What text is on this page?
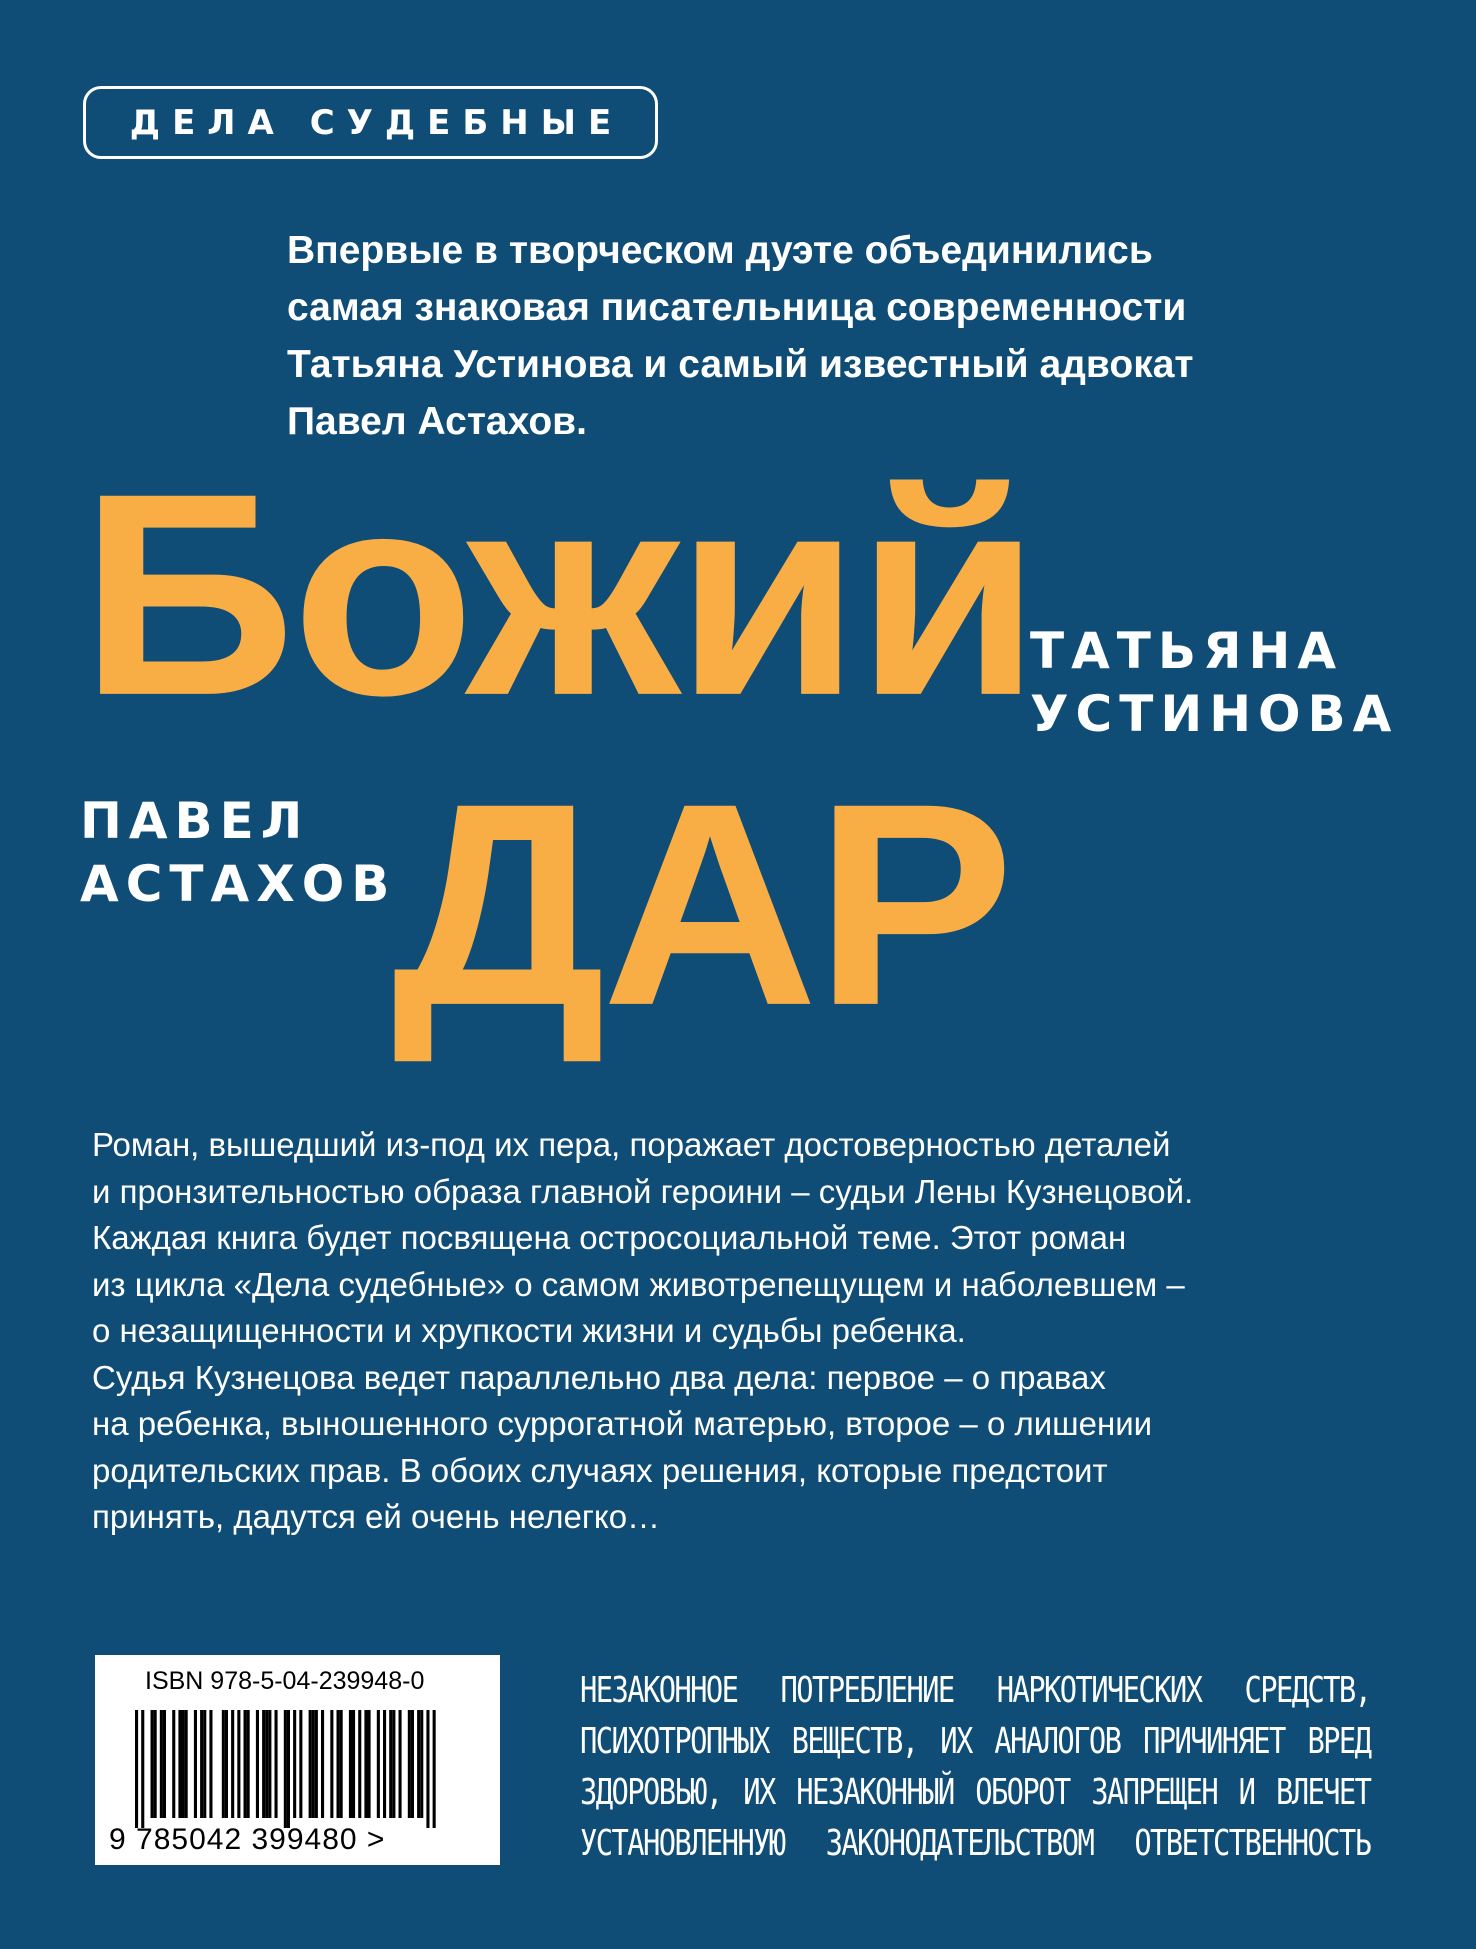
ДЕЛА СУДЕБНЫЕ
Впервые в творческом дуэте объединились
самая знаковая писательница современности
Татьяна Устинова и самый известный адвокат
Павел Астахов.
Божий
ДАР
ТАТЬЯНА
УСТИНОВА
ПАВЕЛ
АСТАХОВ
Роман, вышедший из-под их пера, поражает достоверностью деталей
и пронзительностью образа главной героини – судьи Лены Кузнецовой.
Каждая книга будет посвящена остросоциальной теме. Этот роман
из цикла «Дела судебные» о самом животрепещущем и наболевшем –
о незащищенности и хрупкости жизни и судьбы ребенка.
Судья Кузнецова ведет параллельно два дела: первое – о правах
на ребенка, выношенного суррогатной матерью, второе – о лишении
родительских прав. В обоих случаях решения, которые предстоит
принять, дадутся ей очень нелегко…
ISBN 978-5-04-239948-0
9 785042 399480 >
НЕЗАКОННОЕ ПОТРЕБЛЕНИЕ НАРКОТИЧЕСКИХ СРЕДСТВ,
ПСИХОТРОПНЫХ ВЕЩЕСТВ, ИХ АНАЛОГОВ ПРИЧИНЯЕТ ВРЕД
ЗДОРОВЬЮ, ИХ НЕЗАКОННЫЙ ОБОРОТ ЗАПРЕЩЕН И ВЛЕЧЕТ
УСТАНОВЛЕННУЮ ЗАКОНОДАТЕЛЬСТВОМ ОТВЕТСТВЕННОСТЬ
